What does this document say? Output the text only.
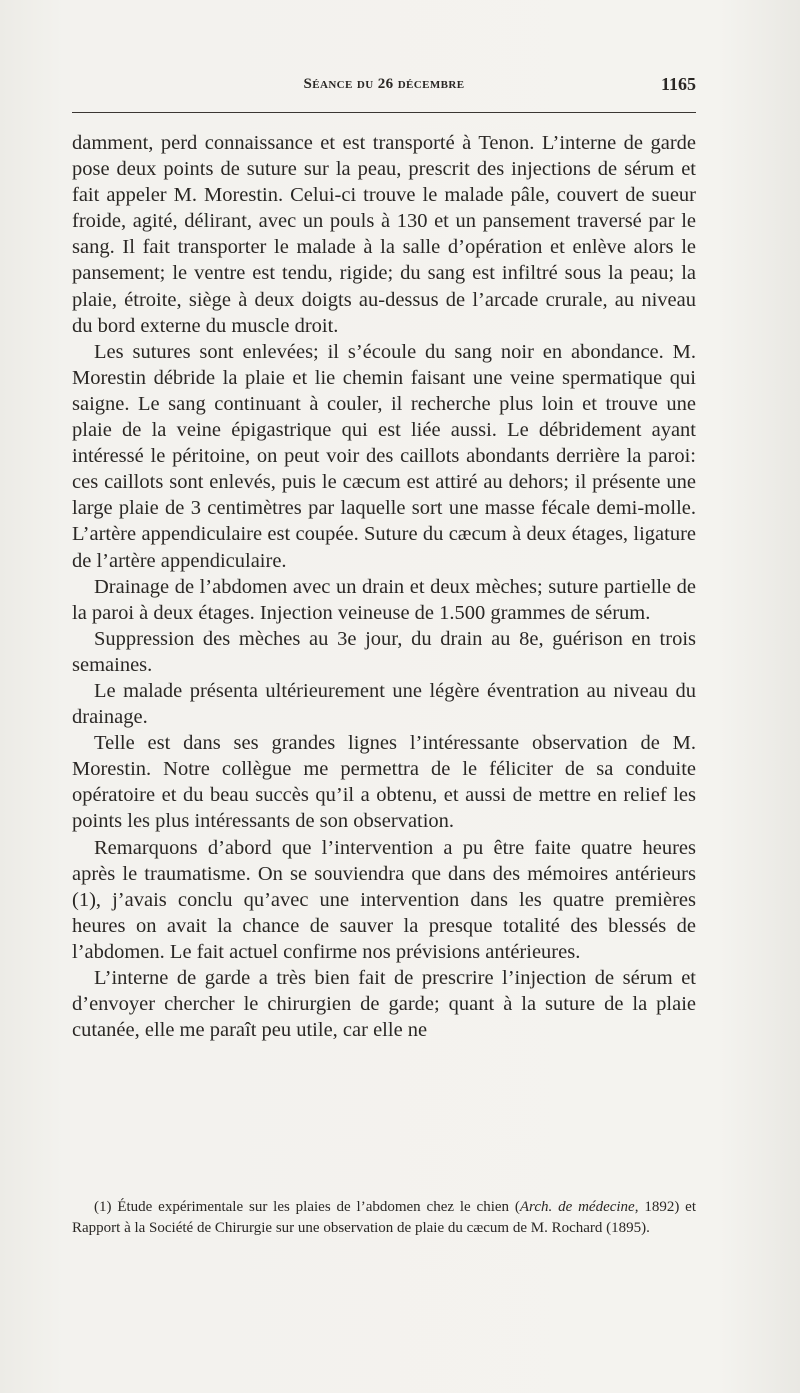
Séance du 26 décembre	1165

damment, perd connaissance et est transporté à Tenon. L’interne de garde pose deux points de suture sur la peau, prescrit des injections de sérum et fait appeler M. Morestin. Celui-ci trouve le malade pâle, couvert de sueur froide, agité, délirant, avec un pouls à 130 et un pansement traversé par le sang. Il fait transporter le malade à la salle d’opération et enlève alors le pansement; le ventre est tendu, rigide; du sang est infiltré sous la peau; la plaie, étroite, siège à deux doigts au-dessus de l’arcade crurale, au niveau du bord externe du muscle droit.

Les sutures sont enlevées; il s’écoule du sang noir en abondance. M. Morestin débride la plaie et lie chemin faisant une veine spermatique qui saigne. Le sang continuant à couler, il recherche plus loin et trouve une plaie de la veine épigastrique qui est liée aussi. Le débridement ayant intéressé le péritoine, on peut voir des caillots abondants derrière la paroi: ces caillots sont enlevés, puis le cæcum est attiré au dehors; il présente une large plaie de 3 centimètres par laquelle sort une masse fécale demi-molle. L’artère appendiculaire est coupée. Suture du cæcum à deux étages, ligature de l’artère appendiculaire.

Drainage de l’abdomen avec un drain et deux mèches; suture partielle de la paroi à deux étages. Injection veineuse de 1.500 grammes de sérum.

Suppression des mèches au 3e jour, du drain au 8e, guérison en trois semaines.

Le malade présenta ultérieurement une légère éventration au niveau du drainage.

Telle est dans ses grandes lignes l’intéressante observation de M. Morestin. Notre collègue me permettra de le féliciter de sa conduite opératoire et du beau succès qu’il a obtenu, et aussi de mettre en relief les points les plus intéressants de son observation.

Remarquons d’abord que l’intervention a pu être faite quatre heures après le traumatisme. On se souviendra que dans des mémoires antérieurs (1), j’avais conclu qu’avec une intervention dans les quatre premières heures on avait la chance de sauver la presque totalité des blessés de l’abdomen. Le fait actuel confirme nos prévisions antérieures.

L’interne de garde a très bien fait de prescrire l’injection de sérum et d’envoyer chercher le chirurgien de garde; quant à la suture de la plaie cutanée, elle me paraît peu utile, car elle ne

(1) Étude expérimentale sur les plaies de l’abdomen chez le chien (Arch. de médecine, 1892) et Rapport à la Société de Chirurgie sur une observation de plaie du cæcum de M. Rochard (1895).
